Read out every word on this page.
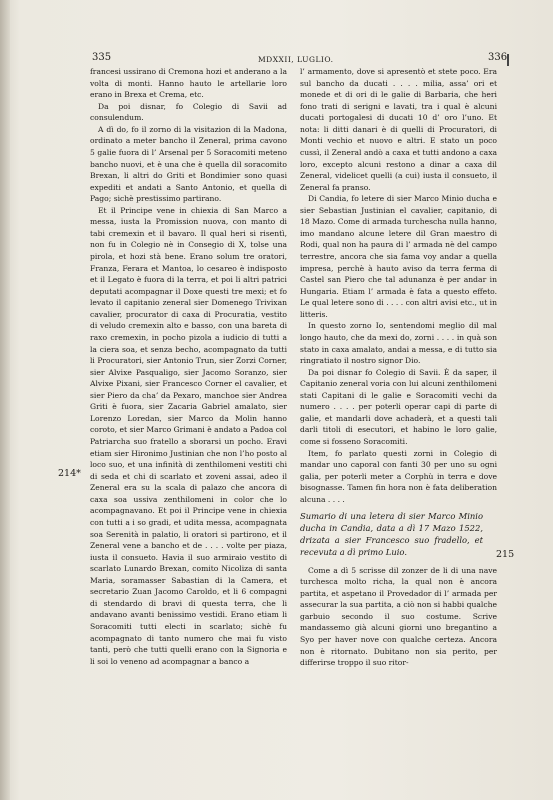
335	MDXXII, LUGLIO.	336
214*
215

francesi ussirano di Cremona hozi et anderano a la volta di monti. Hanno hauto le artellarie loro erano in Brexa et Crema, etc.

Da poi disnar, fo Colegio di Savii ad consulendum.

A dì do, fo il zorno di la visitazion di la Madona, ordinato a meter bancho il Zeneral, prima cavono 5 galie fuora di l’ Arsenal per 5 Soracomiti meteno bancho nuovi, et è una che è quella dil soracomito Brexan, li altri do Griti et Bondimier sono quasi expediti et andati a Santo Antonio, et quella di Pago; sichè prestissimo partirano.

Et il Principe vene in chiexia di San Marco a messa, iusta la Promission nuova, con manto di tabi cremexin et il bavaro. Il qual heri si risentì, non fu in Colegio nè in Consegio di X, tolse una pirola, et hozi stà bene. Erano solum tre oratori, Franza, Ferara et Mantoa, lo cesareo è indisposto et il Legato è fuora di la terra, et poi li altri patrici deputati acompagnar il Doxe questi tre mexi; et fo levato il capitanio zeneral sier Domenego Trivixan cavalier, procurator di caxa di Procuratia, vestito di veludo cremexin alto e basso, con una bareta di raxo cremexin, in pocho pizola a iudicio di tutti a la ciera soa, et senza becho, acompagnato da tutti li Procuratori, sier Antonio Trun, sier Zorzi Corner, sier Alvixe Pasqualigo, sier Jacomo Soranzo, sier Alvixe Pixani, sier Francesco Corner el cavalier, et sier Piero da cha’ da Pexaro, manchoe sier Andrea Griti è fuora, sier Zacaria Gabriel amalato, sier Lorenzo Loredan, sier Marco da Molin hanno coroto, et sier Marco Grimani è andato a Padoa col Patriarcha suo fratello a sborarsi un pocho. Eravi etiam sier Hironimo Justinian che non l’ho posto al loco suo, et una infinità di zenthilomeni vestiti chi di seda et chi di scarlato et zoveni assai, adeo il Zeneral era su la scala di palazo che ancora di caxa soa ussiva zenthilomeni in color che lo acompagnavano. Et poi il Principe vene in chiexia con tutti a i so gradi, et udita messa, acompagnata soa Serenità in palatio, li oratori si partirono, et il Zeneral vene a bancho et de . . . . volte per piaza, iusta il consueto. Havia il suo armiraio vestito di scarlato Lunardo Brexan, comito Nicoliza di santa Maria, soramasser Sabastian di la Camera, et secretario Zuan Jacomo Caroldo, et li 6 compagni di stendardo di bravi di questa terra, che li andavano avanti benissimo vestidi. Erano etiam li Soracomiti tutti electi in scarlato; sichè fu acompagnato di tanto numero che mai fu visto tanti, però che tutti quelli erano con la Signoria e li soi lo veneno ad acompagnar a banco a

l’ armamento, dove si apresentò et stete poco. Era sul bancho da ducati . . . . milia, assa’ ori et monede et di ori di le galie di Barbaria, che heri fono trati di serigni e lavati, tra i qual è alcuni ducati portogalesi di ducati 10 d’ oro l’uno. Et nota: li ditti danari è di quelli di Procuratori, di Monti vechio et nuovo e altri. E stato un poco cussì, il Zeneral andò a caxa et tutti andono a caxa loro, excepto alcuni restono a dinar a caxa dil Zeneral, videlicet quelli (a cui) iusta il consueto, il Zeneral fa pranso.

Di Candia, fo letere di sier Marco Minio ducha e sier Sebastian Justinian el cavalier, capitanio, di 18 Mazo. Come di armada turchescha nulla hanno, imo mandano alcune letere dil Gran maestro di Rodi, qual non ha paura di l’ armada nè del campo terrestre, ancora che sia fama voy andar a quella impresa, perchè à hauto aviso da terra ferma di Castel san Piero che tal adunanza è per andar in Hungaria. Etiam l’ armada è fata a questo effeto. Le qual letere sono di . . . . con altri avisi etc., ut in litteris.

In questo zorno Io, sentendomi meglio dil mal longo hauto, che da mexi do, zorni . . . . in quà son stato in caxa amalato, andai a messa, e di tutto sia ringratiato il nostro signor Dio.

Da poi disnar fo Colegio di Savii. È da saper, il Capitanio zeneral voria con lui alcuni zenthilomeni stati Capitani di le galie e Soracomiti vechi da numero . . . . per poterli operar capi di parte di galie, et mandarli dove achaderà, et a questi tali darli titoli di esecutori, et habino le loro galie, come si fosseno Soracomiti.

Item, fo parlato questi zorni in Colegio di mandar uno caporal con fanti 30 per uno su ogni galia, per poterli meter a Corphù in terra e dove bisognasse. Tamen fin hora non è fata deliberation alcuna . . . .

Sumario di una letera di sier Marco Minio ducha in Candia, data a dì 17 Mazo 1522, drizata a sier Francesco suo fradello, et recevuta a dì primo Luio.

Come a dì 5 scrisse dil zonzer de li di una nave turchesca molto richa, la qual non è ancora partita, et aspetano il Provedador di l’ armada per assecurar la sua partita, a ciò non si habbi qualche garbuio secondo il suo costume. Scrive mandassemo già alcuni giorni uno bregantino a Syo per haver nove con qualche certeza. Ancora non è ritornato. Dubitano non sia perito, per differirse troppo il suo ritor-
